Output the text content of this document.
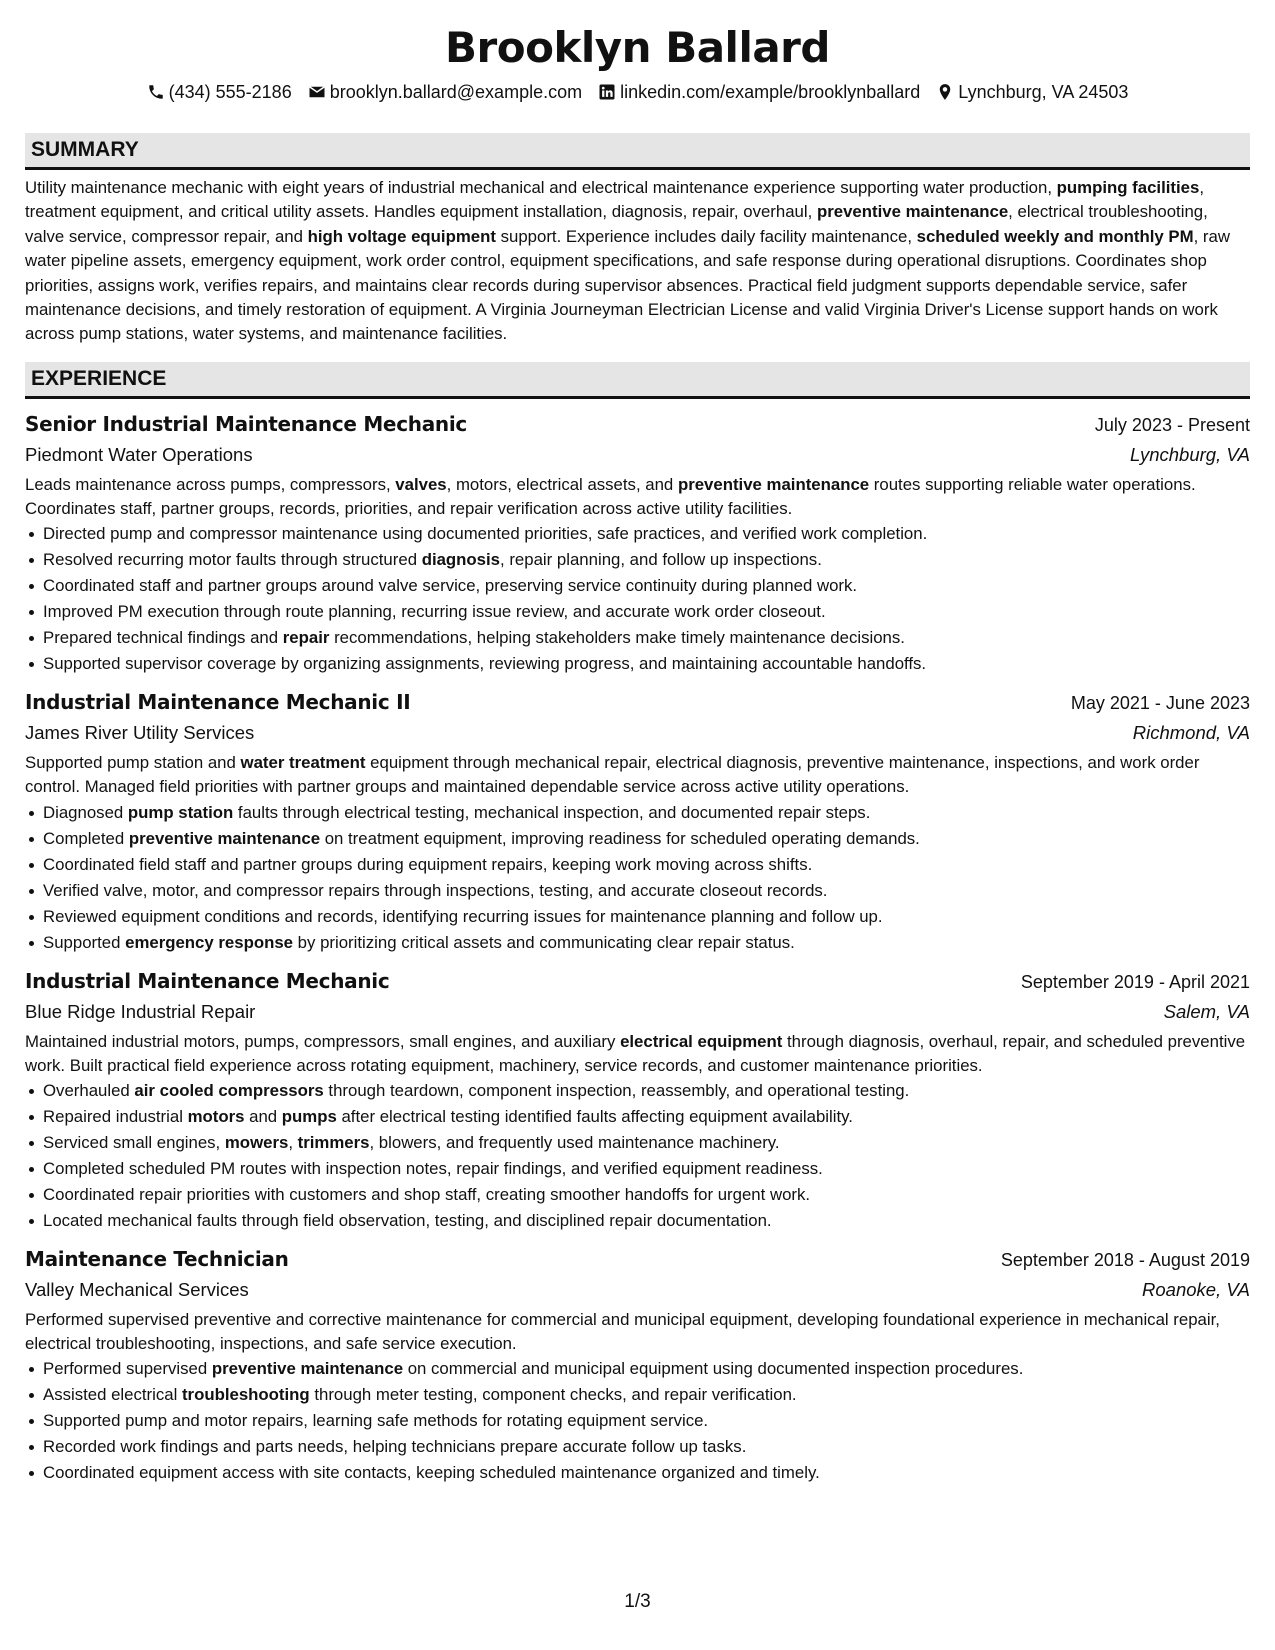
Brooklyn Ballard
(434) 555-2186 brooklyn.ballard@example.com linkedin.com/example/brooklynballard Lynchburg, VA 24503
SUMMARY
Utility maintenance mechanic with eight years of industrial mechanical and electrical maintenance experience supporting water production, pumping facilities, treatment equipment, and critical utility assets. Handles equipment installation, diagnosis, repair, overhaul, preventive maintenance, electrical troubleshooting, valve service, compressor repair, and high voltage equipment support. Experience includes daily facility maintenance, scheduled weekly and monthly PM, raw water pipeline assets, emergency equipment, work order control, equipment specifications, and safe response during operational disruptions. Coordinates shop priorities, assigns work, verifies repairs, and maintains clear records during supervisor absences. Practical field judgment supports dependable service, safer maintenance decisions, and timely restoration of equipment. A Virginia Journeyman Electrician License and valid Virginia Driver's License support hands on work across pump stations, water systems, and maintenance facilities.
EXPERIENCE
Senior Industrial Maintenance Mechanic	July 2023 - Present
Piedmont Water Operations	Lynchburg, VA
Leads maintenance across pumps, compressors, valves, motors, electrical assets, and preventive maintenance routes supporting reliable water operations. Coordinates staff, partner groups, records, priorities, and repair verification across active utility facilities.
Directed pump and compressor maintenance using documented priorities, safe practices, and verified work completion.
Resolved recurring motor faults through structured diagnosis, repair planning, and follow up inspections.
Coordinated staff and partner groups around valve service, preserving service continuity during planned work.
Improved PM execution through route planning, recurring issue review, and accurate work order closeout.
Prepared technical findings and repair recommendations, helping stakeholders make timely maintenance decisions.
Supported supervisor coverage by organizing assignments, reviewing progress, and maintaining accountable handoffs.
Industrial Maintenance Mechanic II	May 2021 - June 2023
James River Utility Services	Richmond, VA
Supported pump station and water treatment equipment through mechanical repair, electrical diagnosis, preventive maintenance, inspections, and work order control. Managed field priorities with partner groups and maintained dependable service across active utility operations.
Diagnosed pump station faults through electrical testing, mechanical inspection, and documented repair steps.
Completed preventive maintenance on treatment equipment, improving readiness for scheduled operating demands.
Coordinated field staff and partner groups during equipment repairs, keeping work moving across shifts.
Verified valve, motor, and compressor repairs through inspections, testing, and accurate closeout records.
Reviewed equipment conditions and records, identifying recurring issues for maintenance planning and follow up.
Supported emergency response by prioritizing critical assets and communicating clear repair status.
Industrial Maintenance Mechanic	September 2019 - April 2021
Blue Ridge Industrial Repair	Salem, VA
Maintained industrial motors, pumps, compressors, small engines, and auxiliary electrical equipment through diagnosis, overhaul, repair, and scheduled preventive work. Built practical field experience across rotating equipment, machinery, service records, and customer maintenance priorities.
Overhauled air cooled compressors through teardown, component inspection, reassembly, and operational testing.
Repaired industrial motors and pumps after electrical testing identified faults affecting equipment availability.
Serviced small engines, mowers, trimmers, blowers, and frequently used maintenance machinery.
Completed scheduled PM routes with inspection notes, repair findings, and verified equipment readiness.
Coordinated repair priorities with customers and shop staff, creating smoother handoffs for urgent work.
Located mechanical faults through field observation, testing, and disciplined repair documentation.
Maintenance Technician	September 2018 - August 2019
Valley Mechanical Services	Roanoke, VA
Performed supervised preventive and corrective maintenance for commercial and municipal equipment, developing foundational experience in mechanical repair, electrical troubleshooting, inspections, and safe service execution.
Performed supervised preventive maintenance on commercial and municipal equipment using documented inspection procedures.
Assisted electrical troubleshooting through meter testing, component checks, and repair verification.
Supported pump and motor repairs, learning safe methods for rotating equipment service.
Recorded work findings and parts needs, helping technicians prepare accurate follow up tasks.
Coordinated equipment access with site contacts, keeping scheduled maintenance organized and timely.
1/3
